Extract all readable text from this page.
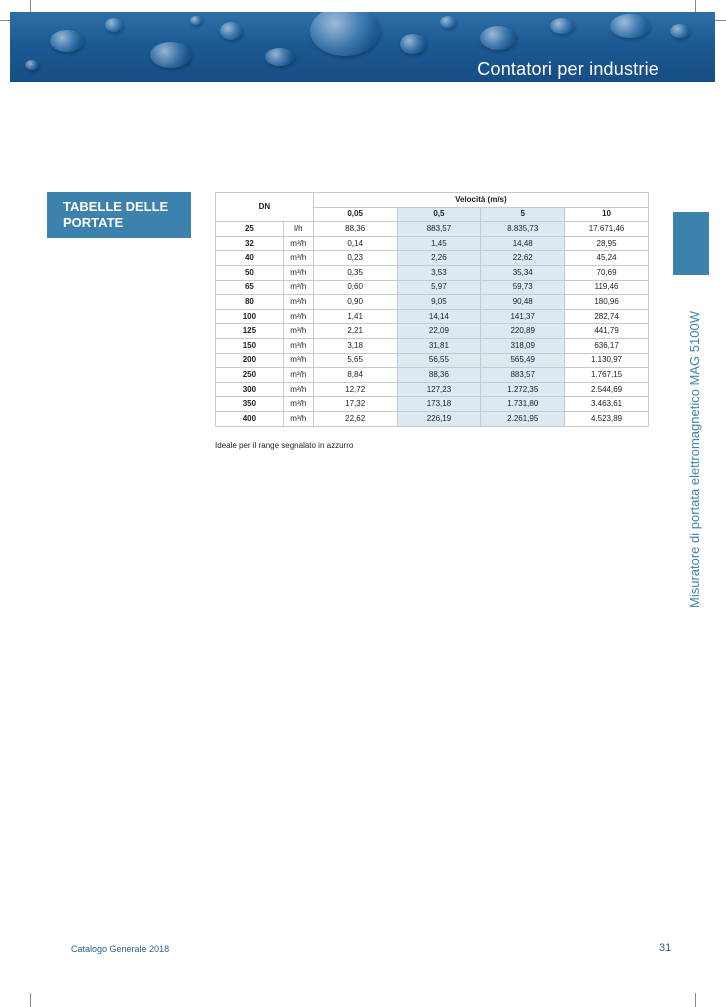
Contatori per industrie
TABELLE DELLE PORTATE
DN		Velocità (m/s)			
		0,05	0,5	5	10
25	l/h	88,36	883,57	8.835,73	17.671,46
32	m³/h	0,14	1,45	14,48	28,95
40	m³/h	0,23	2,26	22,62	45,24
50	m³/h	0,35	3,53	35,34	70,69
65	m³/h	0,60	5,97	59,73	119,46
80	m³/h	0,90	9,05	90,48	180,96
100	m³/h	1,41	14,14	141,37	282,74
125	m³/h	2,21	22,09	220,89	441,79
150	m³/h	3,18	31,81	318,09	636,17
200	m³/h	5,65	56,55	565,49	1.130,97
250	m³/h	8,84	88,36	883,57	1.767,15
300	m³/h	12,72	127,23	1.272,35	2.544,69
350	m³/h	17,32	173,18	1.731,80	3.463,61
400	m³/h	22,62	226,19	2.261,95	4.523,89
Ideale per il range segnalato in azzurro	Misuratore di portata elettromagnetico MAG 5100W
Catalogo Generale 2018	31
